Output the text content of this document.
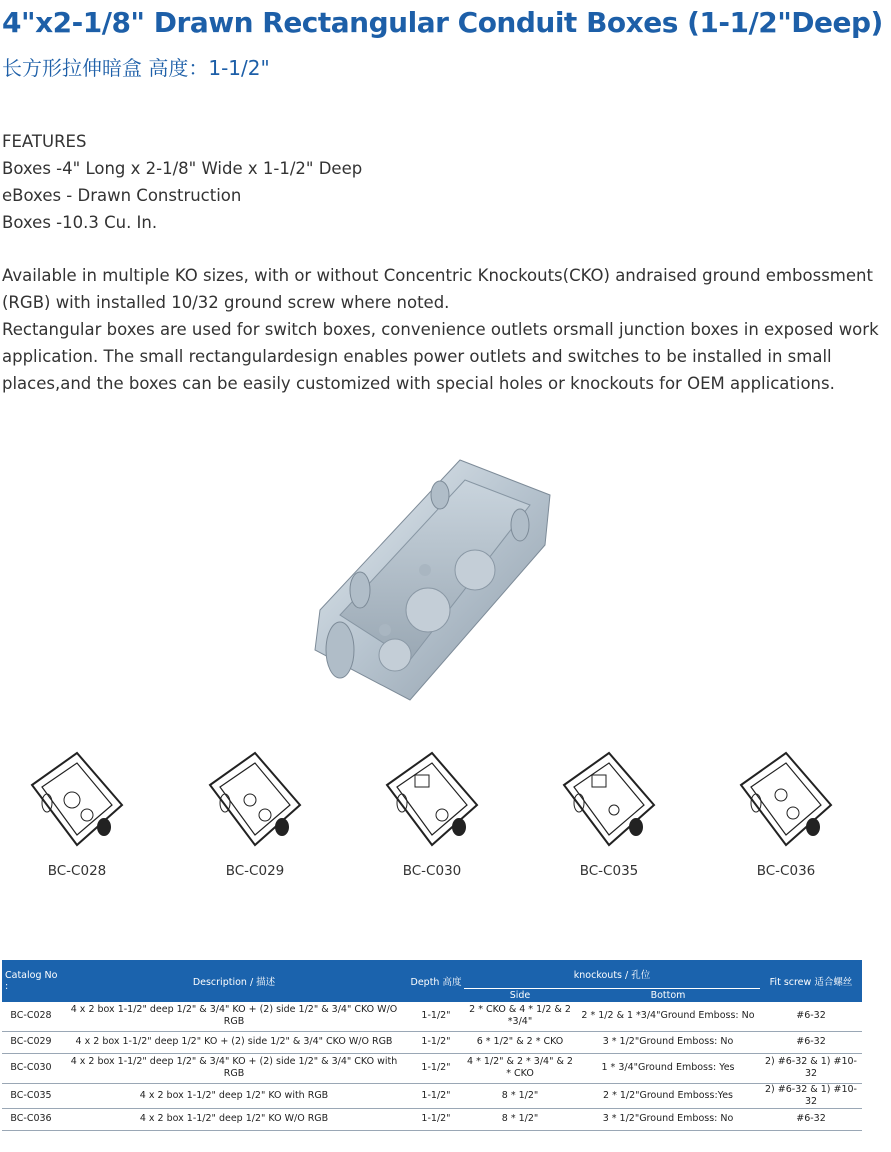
4"x2-1/8" Drawn Rectangular Conduit Boxes (1-1/2"Deep)
长方形拉伸暗盒 高度：1-1/2"
FEATURES
Boxes -4" Long x 2-1/8" Wide x 1-1/2" Deep
eBoxes - Drawn Construction
Boxes -10.3 Cu. In.

Available in multiple KO sizes, with or without Concentric Knockouts(CKO) andraised ground embossment (RGB) with installed 10/32 ground screw where noted.

Rectangular boxes are used for switch boxes, convenience outlets orsmall junction boxes in exposed work application. The small rectangulardesign enables power outlets and switches to be installed in small places,and the boxes can be easily customized with special holes or knockouts for OEM applications.

BC-C028	BC-C029	BC-C030	BC-C035	BC-C036
Catalog No :	Description / 描述	Depth 高度	knockouts / 孔位		Fit screw 适合螺丝
			Side	Bottom	
BC-C028	4 x 2 box 1-1/2" deep 1/2" & 3/4" KO + (2) side 1/2" & 3/4" CKO W/O RGB	1-1/2"	2 * CKO & 4 * 1/2 & 2 *3/4"	2 * 1/2 & 1 *3/4"Ground Emboss: No	#6-32
BC-C029	4 x 2 box 1-1/2" deep 1/2" KO + (2) side 1/2" & 3/4" CKO W/O RGB	1-1/2"	6 * 1/2" & 2 * CKO	3 * 1/2"Ground Emboss: No	#6-32
BC-C030	4 x 2 box 1-1/2" deep 1/2" & 3/4" KO + (2) side 1/2" & 3/4" CKO with RGB	1-1/2"	4 * 1/2" & 2 * 3/4" & 2 * CKO	1 * 3/4"Ground Emboss: Yes	2) #6-32 & 1) #10-32
BC-C035	4 x 2 box 1-1/2" deep 1/2" KO with RGB	1-1/2"	8 * 1/2"	2 * 1/2"Ground Emboss:Yes	2) #6-32 & 1) #10-32
BC-C036	4 x 2 box 1-1/2" deep 1/2" KO W/O RGB	1-1/2"	8 * 1/2"	3 * 1/2"Ground Emboss: No	#6-32
